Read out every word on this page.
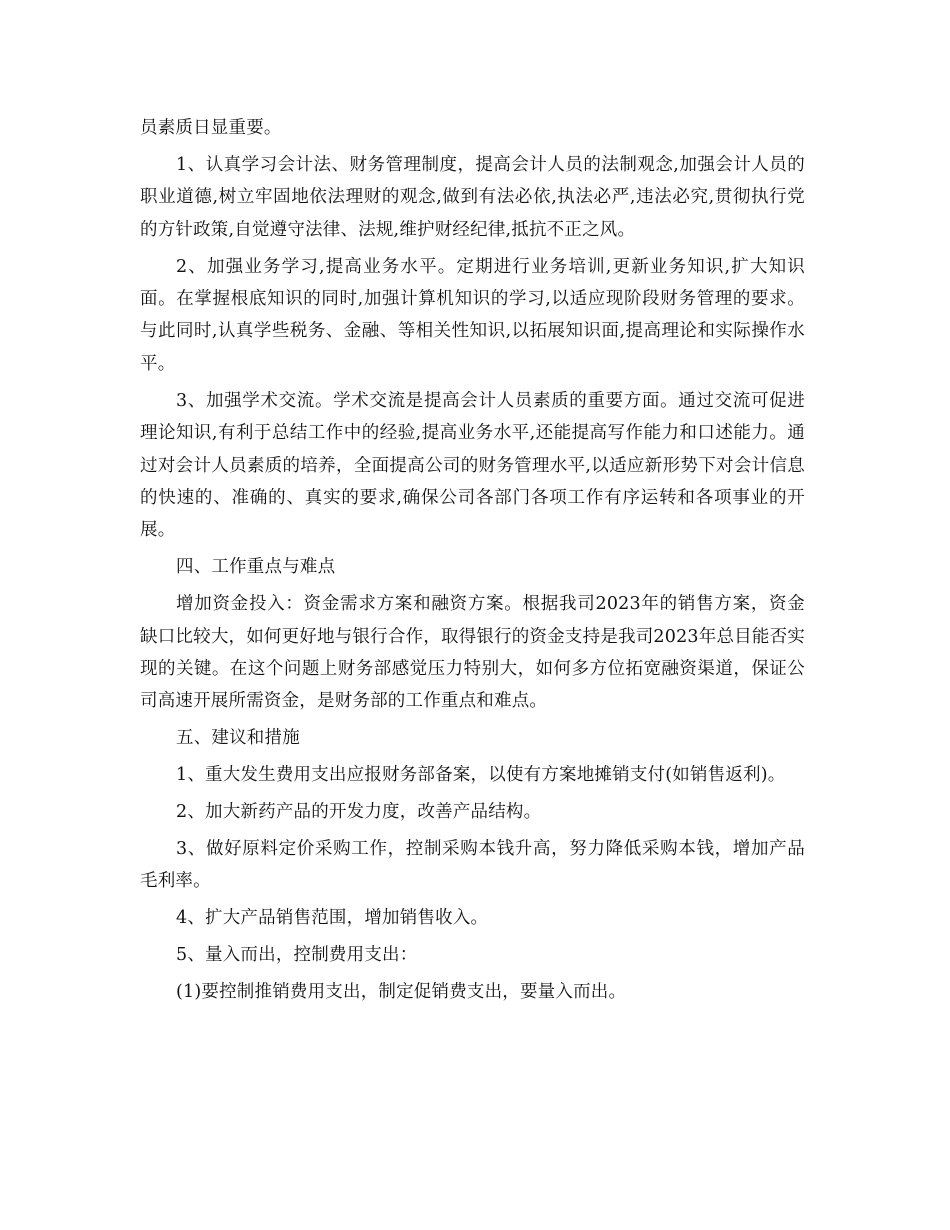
员素质日显重要。

1、认真学习会计法、财务管理制度，提高会计人员的法制观念,加强会计人员的职业道德,树立牢固地依法理财的观念,做到有法必依,执法必严,违法必究,贯彻执行党的方针政策,自觉遵守法律、法规,维护财经纪律,抵抗不正之风。

2、加强业务学习,提高业务水平。定期进行业务培训,更新业务知识,扩大知识面。在掌握根底知识的同时,加强计算机知识的学习,以适应现阶段财务管理的要求。与此同时,认真学些税务、金融、等相关性知识,以拓展知识面,提高理论和实际操作水平。

3、加强学术交流。学术交流是提高会计人员素质的重要方面。通过交流可促进理论知识,有利于总结工作中的经验,提高业务水平,还能提高写作能力和口述能力。通过对会计人员素质的培养，全面提高公司的财务管理水平,以适应新形势下对会计信息的快速的、准确的、真实的要求,确保公司各部门各项工作有序运转和各项事业的开展。

四、工作重点与难点

增加资金投入：资金需求方案和融资方案。根据我司2023年的销售方案，资金缺口比较大，如何更好地与银行合作，取得银行的资金支持是我司2023年总目能否实现的关键。在这个问题上财务部感觉压力特别大，如何多方位拓宽融资渠道，保证公司高速开展所需资金，是财务部的工作重点和难点。

五、建议和措施

1、重大发生费用支出应报财务部备案，以使有方案地摊销支付(如销售返利)。

2、加大新药产品的开发力度，改善产品结构。

3、做好原料定价采购工作，控制采购本钱升高，努力降低采购本钱，增加产品毛利率。

4、扩大产品销售范围，增加销售收入。

5、量入而出，控制费用支出：

(1)要控制推销费用支出，制定促销费支出，要量入而出。
